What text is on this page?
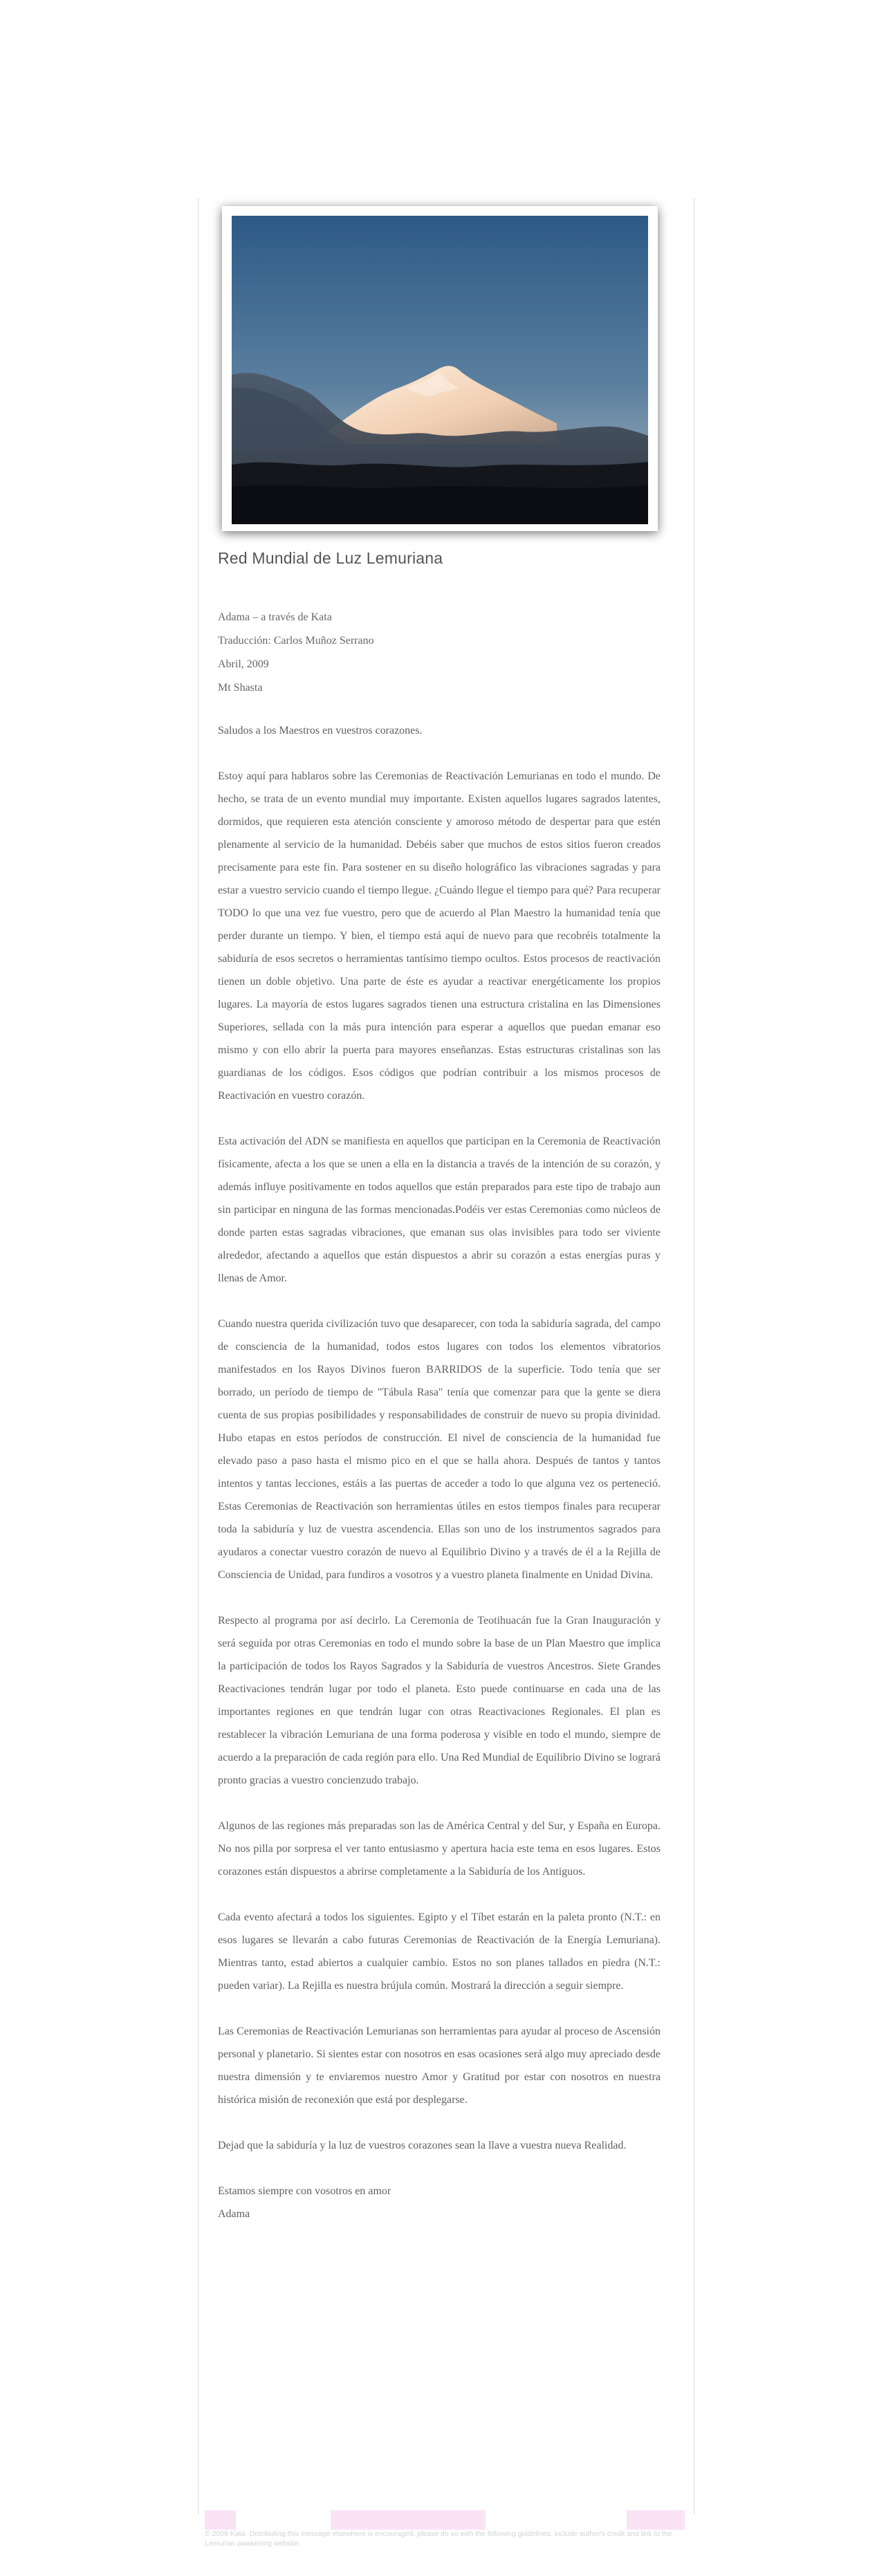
Red Mundial de Luz Lemuriana
Adama – a través de Kata
Traducción: Carlos Muñoz Serrano
Abril, 2009
Mt Shasta

Saludos a los Maestros en vuestros corazones.

Estoy aquí para hablaros sobre las Ceremonias de Reactivación Lemurianas en todo el mundo. De hecho, se trata de un evento mundial muy importante. Existen aquellos lugares sagrados latentes, dormidos, que requieren esta atención consciente y amoroso método de despertar para que estén plenamente al servicio de la humanidad. Debéis saber que muchos de estos sitios fueron creados precisamente para este fin. Para sostener en su diseño holográfico las vibraciones sagradas y para estar a vuestro servicio cuando el tiempo llegue. ¿Cuándo llegue el tiempo para qué? Para recuperar TODO lo que una vez fue vuestro, pero que de acuerdo al Plan Maestro la humanidad tenía que perder durante un tiempo. Y bien, el tiempo está aquí de nuevo para que recobréis totalmente la sabiduría de esos secretos o herramientas tantísimo tiempo ocultos. Estos procesos de reactivación tienen un doble objetivo. Una parte de éste es ayudar a reactivar energéticamente los propios lugares. La mayoría de estos lugares sagrados tienen una estructura cristalina en las Dimensiones Superiores, sellada con la más pura intención para esperar a aquellos que puedan emanar eso mismo y con ello abrir la puerta para mayores enseñanzas. Estas estructuras cristalinas son las guardianas de los códigos. Esos códigos que podrían contribuir a los mismos procesos de Reactivación en vuestro corazón.

Esta activación del ADN se manifiesta en aquellos que participan en la Ceremonia de Reactivación físicamente, afecta a los que se unen a ella en la distancia a través de la intención de su corazón, y además influye positivamente en todos aquellos que están preparados para este tipo de trabajo aun sin participar en ninguna de las formas mencionadas.Podéis ver estas Ceremonias como núcleos de donde parten estas sagradas vibraciones, que emanan sus olas invisibles para todo ser viviente alrededor, afectando a aquellos que están dispuestos a abrir su corazón a estas energías puras y llenas de Amor.

Cuando nuestra querida civilización tuvo que desaparecer, con toda la sabiduría sagrada, del campo de consciencia de la humanidad, todos estos lugares con todos los elementos vibratorios manifestados en los Rayos Divinos fueron BARRIDOS de la superficie. Todo tenía que ser borrado, un período de tiempo de "Tábula Rasa" tenía que comenzar para que la gente se diera cuenta de sus propias posibilidades y responsabilidades de construir de nuevo su propia divinidad. Hubo etapas en estos períodos de construcción. El nivel de consciencia de la humanidad fue elevado paso a paso hasta el mismo pico en el que se halla ahora. Después de tantos y tantos intentos y tantas lecciones, estáis a las puertas de acceder a todo lo que alguna vez os perteneció. Estas Ceremonias de Reactivación son herramientas útiles en estos tiempos finales para recuperar toda la sabiduría y luz de vuestra ascendencia. Ellas son uno de los instrumentos sagrados para ayudaros a conectar vuestro corazón de nuevo al Equilibrio Divino y a través de él a la Rejilla de Consciencia de Unidad, para fundiros a vosotros y a vuestro planeta finalmente en Unidad Divina.

Respecto al programa por así decirlo. La Ceremonia de Teotihuacán fue la Gran Inauguración y será seguida por otras Ceremonias en todo el mundo sobre la base de un Plan Maestro que implica la participación de todos los Rayos Sagrados y la Sabiduría de vuestros Ancestros. Siete Grandes Reactivaciones tendrán lugar por todo el planeta. Esto puede continuarse en cada una de las importantes regiones en que tendrán lugar con otras Reactivaciones Regionales. El plan es restablecer la vibración Lemuriana de una forma poderosa y visible en todo el mundo, siempre de acuerdo a la preparación de cada región para ello. Una Red Mundial de Equilibrio Divino se logrará pronto gracias a vuestro concienzudo trabajo.

Algunos de las regiones más preparadas son las de América Central y del Sur, y España en Europa. No nos pilla por sorpresa el ver tanto entusiasmo y apertura hacia este tema en esos lugares. Estos corazones están dispuestos a abrirse completamente a la Sabiduría de los Antiguos.

Cada evento afectará a todos los siguientes. Egipto y el Tíbet estarán en la paleta pronto (N.T.: en esos lugares se llevarán a cabo futuras Ceremonias de Reactivación de la Energía Lemuriana). Mientras tanto, estad abiertos a cualquier cambio. Estos no son planes tallados en piedra (N.T.: pueden variar). La Rejilla es nuestra brújula común. Mostrará la dirección a seguir siempre.

Las Ceremonias de Reactivación Lemurianas son herramientas para ayudar al proceso de Ascensión personal y planetario. Si sientes estar con nosotros en esas ocasiones será algo muy apreciado desde nuestra dimensión y te enviaremos nuestro Amor y Gratitud por estar con nosotros en nuestra histórica misión de reconexión que está por desplegarse.

Dejad que la sabiduría y la luz de vuestros corazones sean la llave a vuestra nueva Realidad.

Estamos siempre con vosotros en amor
Adama
© 2009 Kata. Distributing this message elsewhere is encouraged, please do so with the following guidelines: include author's credit and link to the Lemurian awakening website.
